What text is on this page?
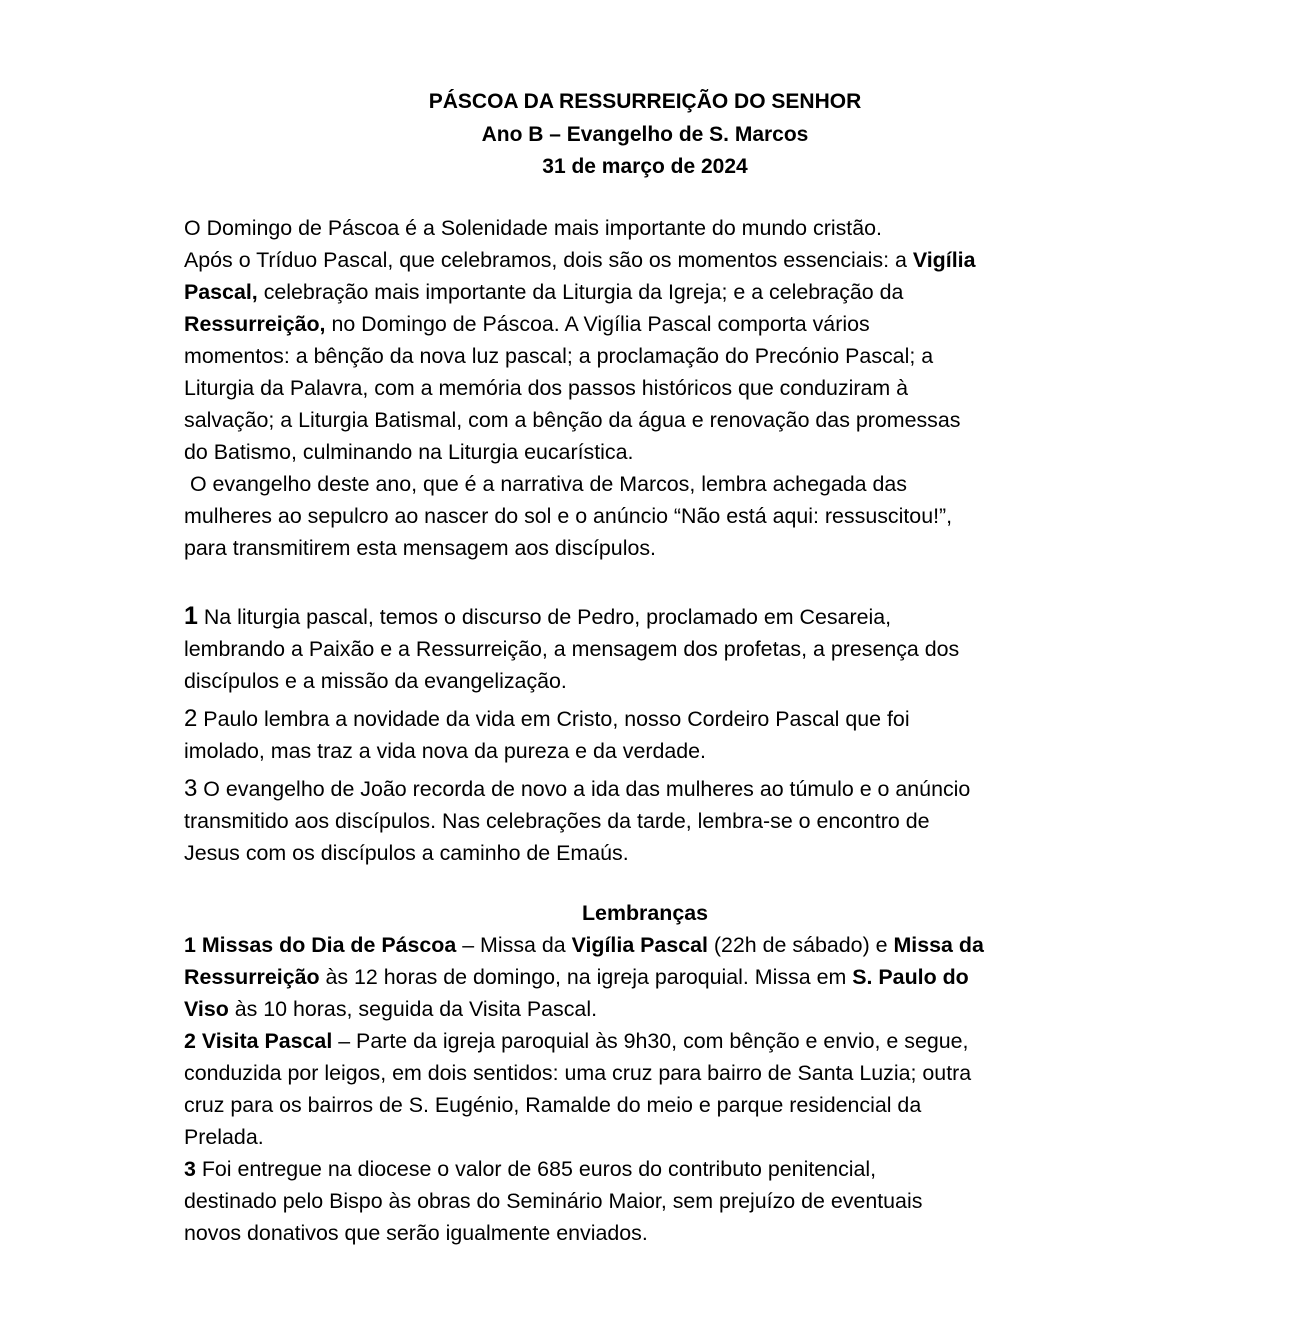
PÁSCOA DA RESSURREIÇÃO DO SENHOR
Ano B – Evangelho de S. Marcos
31 de março de 2024
O Domingo de Páscoa é a Solenidade mais importante do mundo cristão.
Após o Tríduo Pascal, que celebramos, dois são os momentos essenciais: a Vigília
Pascal, celebração mais importante da Liturgia da Igreja; e a celebração da
Ressurreição, no Domingo de Páscoa. A Vigília Pascal comporta vários
momentos: a bênção da nova luz pascal; a proclamação do Precónio Pascal; a
Liturgia da Palavra, com a memória dos passos históricos que conduziram à
salvação; a Liturgia Batismal, com a bênção da água e renovação das promessas
do Batismo, culminando na Liturgia eucarística.
O evangelho deste ano, que é a narrativa de Marcos, lembra achegada das
mulheres ao sepulcro ao nascer do sol e o anúncio “Não está aqui: ressuscitou!”,
para transmitirem esta mensagem aos discípulos.
1 Na liturgia pascal, temos o discurso de Pedro, proclamado em Cesareia,
lembrando a Paixão e a Ressurreição, a mensagem dos profetas, a presença dos
discípulos e a missão da evangelização.
2 Paulo lembra a novidade da vida em Cristo, nosso Cordeiro Pascal que foi
imolado, mas traz a vida nova da pureza e da verdade.
3 O evangelho de João recorda de novo a ida das mulheres ao túmulo e o anúncio
transmitido aos discípulos. Nas celebrações da tarde, lembra-se o encontro de
Jesus com os discípulos a caminho de Emaús.
Lembranças
1 Missas do Dia de Páscoa – Missa da Vigília Pascal (22h de sábado) e Missa da
Ressurreição às 12 horas de domingo, na igreja paroquial. Missa em S. Paulo do
Viso às 10 horas, seguida da Visita Pascal.
2 Visita Pascal – Parte da igreja paroquial às 9h30, com bênção e envio, e segue,
conduzida por leigos, em dois sentidos: uma cruz para bairro de Santa Luzia; outra
cruz para os bairros de S. Eugénio, Ramalde do meio e parque residencial da
Prelada.
3 Foi entregue na diocese o valor de 685 euros do contributo penitencial,
destinado pelo Bispo às obras do Seminário Maior, sem prejuízo de eventuais
novos donativos que serão igualmente enviados.
